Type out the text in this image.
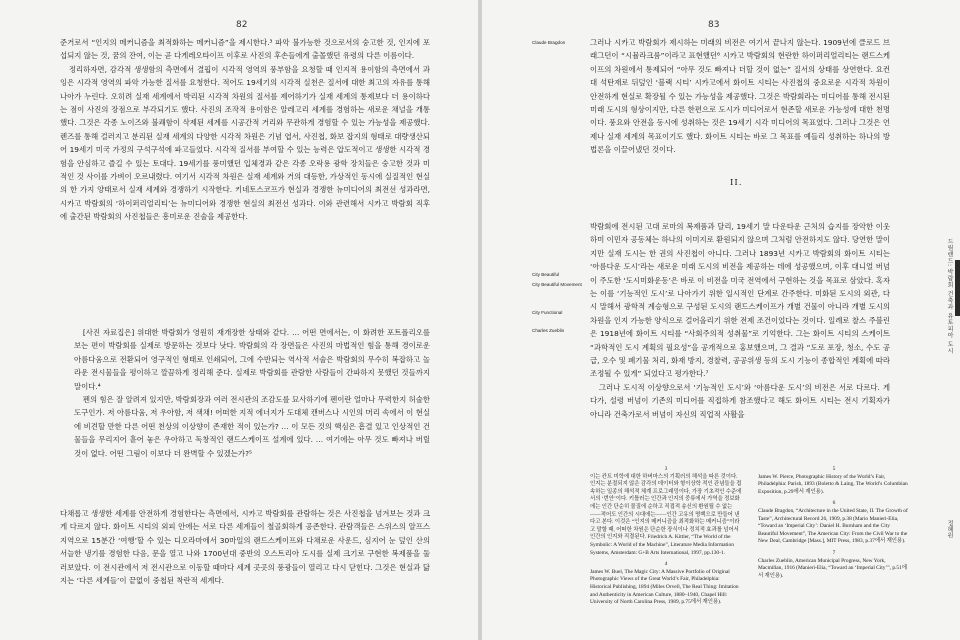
82

준거로서 “인지의 메커니즘을 최적화하는 메커니즘”을 제시한다.³ 파악 불가능한 것으로서의 숭고한 것, 인지에 포섭되지 않는 것, 꿈의 잔여, 이는 곧 다게레오타이프 이후로 사진의 후손들에게 출몰했던 유령의 다른 이름이다.

정리하자면, 감각적 생생함의 측면에서 결핍이 시각적 영역의 풍부함을 요청할 때 인지적 용이함의 측면에서 과잉은 시각적 영역의 파악 가능한 질서를 요청한다. 적어도 19세기의 시각적 실천은 질서에 대한 최고의 자유를 통해 나아가 누린다. 오히려 실재 세계에서 박리된 시각적 차원의 질서를 제어하기가 실재 세계의 통제보다 더 용이하다는 점이 사진의 장점으로 부각되기도 했다. 사진의 조작적 용이함은 알레고리 세계를 경험하는 새로운 채널을 개통했다. 그것은 각종 노이즈와 불쾌함이 삭제된 세계를 시공간적 거리와 무관하게 경험할 수 있는 가능성을 제공했다. 렌즈를 통해 걸러지고 분리된 실재 세계의 다양한 시각적 차원은 기념 엽서, 사진첩, 화보 잡지의 형태로 대량생산되어 19세기 미국 가정의 구석구석에 파고들었다. 시각적 질서를 부여할 수 있는 능력은 압도적이고 생생한 시각적 경험을 안심하고 즐길 수 있는 토대다. 19세기를 풍미했던 입체경과 같은 각종 오락용 광학 장치들은 숭고한 것과 미적인 것 사이를 가벼이 오르내렸다. 여기서 시각적 차원은 실재 세계와 거의 대등한, 가상적인 동시에 실질적인 현실의 한 가지 양태로서 실재 세계와 경쟁하기 시작한다. 키네토스코프가 현실과 경쟁한 뉴미디어의 최전선 성과라면, 시카고 박람회의 ‘하이퍼리얼리티’는 뉴미디어와 경쟁한 현실의 최전선 성과다. 이와 관련해서 시카고 박람회 직후에 출간된 박람회의 사진첩들은 흥미로운 진술을 제공한다.

[사진 자료집은] 위대한 박람회가 영원히 재개장한 상태와 같다. … 어떤 면에서는, 이 화려한 포트폴리오를 보는 편이 박람회를 실제로 방문하는 것보다 낫다. 박람회의 각 장면들은 사진의 마법적인 힘을 통해 경이로운 아름다움으로 전환되어 영구적인 형태로 인쇄되어, 그에 수반되는 역사적 서술은 박람회의 무수히 복잡하고 놀라운 전시물들을 평이하고 깔끔하게 정리해 준다. 실제로 박람회를 관람한 사람들이 간파하지 못했던 것들까지 말이다.⁴

펜의 힘은 잘 알려져 있지만, 박람회장과 여러 전시관의 조감도를 묘사하기에 펜이란 얼마나 무력한지 허술한 도구인가. 저 아름다움, 저 우아함, 저 색채! 어떠한 지적 에너지가 도대체 캔버스나 시인의 머리 속에서 이 현실에 비견할 만한 다른 어떤 천상의 이상향이 존재한 적이 있는가? … 이 모든 것의 핵심은 흠결 있고 인상적인 건물들을 무리지어 흩어 놓은 우아하고 독창적인 랜드스케이프 설계에 있다. … 여기에는 아무 것도 빠져나 버릴 것이 없다. 어떤 그림이 이보다 더 완벽할 수 있겠는가?⁵

다채롭고 생생한 세계를 안전하게 경험한다는 측면에서, 시카고 박람회를 관람하는 것은 사진첩을 넘겨보는 것과 크게 다르지 않다. 화이트 시티의 외피 안에는 서로 다른 세계들이 철골회하게 공존한다. 관람객들은 스위스의 알프스 지역으로 15분간 ‘여행’할 수 있는 디오라마에서 30마일의 랜드스케이프와 다채로운 사운드, 심지어 눈 덮인 산의 서늘한 냉기를 경험한 다음, 문을 열고 나와 1700년대 중반의 오스트리아 도시를 실제 크기로 구현한 복제품을 둘러보았다. 이 전시관에서 저 전시관으로 이동할 때마다 세계 곳곳의 풍광들이 열리고 다시 닫힌다. 그것은 현실과 닮지는 ‘다른 세계들’이 끝없이 중첩된 착란적 세계다.

83
Claude Bragdon
City Beautiful
City Beautiful Movement
City Functional
Charles Zueblin

그러나 시카고 박람회가 제시하는 미래의 비전은 여기서 끝나지 않는다. 1909년에 클로드 브래그던이 “시뮬라크룸”이라고 표현했던⁶ 시카고 박람회의 현란한 하이퍼리얼리티는 랜드스케이프의 차원에서 통제되어 “아무 것도 빠져나 더할 것이 없는” 질서의 상태를 상연한다. 요컨대 석탄재로 뒤덮인 ‘블랙 시티’ 시카고에서 화이트 시티는 사진첩의 중요로운 시각적 차원이 안전하게 현실로 확장될 수 있는 가능성을 제공했다. 그것은 박람회라는 미디어를 통해 전시된 미래 도시의 형상이지만, 다른 한편으로 도시가 미디어로서 현존할 새로운 가능성에 대한 천명이다. 풍요와 안전을 동시에 성취하는 것은 19세기 시각 미디어의 목표였다. 그러나 그것은 언제나 실재 세계의 목표이기도 했다. 화이트 시티는 바로 그 목표를 예들리 성취하는 하나의 방법론을 이끌어냈던 것이다.

II.

박람회에 전시된 고대 로마의 복제품과 달리, 19세기 말 다운타운 근처의 습지를 장악한 이웃하미 이민자 공동체는 하나의 이미지로 환원되지 않으며 그처럼 안전하지도 않다. 당연한 말이지만 실재 도시는 한 권의 사진첩이 아니다. 그러나 1893년 시카고 박람회의 화이트 시티는 ‘아름다운 도시’라는 새로운 미래 도시의 비전을 제공하는 데에 성공했으며, 이후 대니얼 버넘이 주도한 ‘도시미화운동’은 바로 이 비전을 미국 전역에서 구현하는 것을 목표로 삼았다. 혹자는 이를 ‘기능적인 도시’로 나아가기 위한 일시적인 단계로 간주한다. 미화된 도시의 외관, 다시 말해서 광학적 계승형으로 구성된 도시의 랜드스케이프가 개별 건물이 아니라 개별 도시의 차원을 인지 가능한 양식으로 걸어올리기 위한 전제 조건이었다는 것이다. 일례로 찰스 주블린은 1918년에 화이트 시티를 “사회주의적 성취물”로 기억한다. 그는 화이트 시티의 스케이트 “과학적인 도시 계획의 필요성”을 공개적으로 홍보했으며, 그 결과 “도로 포장, 청소, 수도 공급, 오수 및 폐기물 처리, 화재 방지, 경찰력, 공공위생 등의 도시 기능이 종합적인 계획에 따라 조정될 수 있게” 되었다고 평가한다.⁷

그러나 도시적 이상향으로서 ‘기능적인 도시’와 ‘아름다운 도시’의 비전은 서로 다르다. 게다가, 설령 버넘이 기존의 미디어를 직접하게 참조했다고 해도 화이트 시티는 전시 기획자가 아니라 건축가로서 버넘이 자신의 직업적 사활을

3
이는 칸트 미학에 대한 하버마스의 기획러의 해석을 따른 것이다. 인지는 분절되지 않은 감각의 데이터와 형이상학 적인 관념들을 접속하는 일종의 해석적 체계 프로그래밍이다, 가장 기초적인 수준에서의 ‘번안’이다. 키틀러는 인간과 인지의 중류에서 가역을 정보화에는 인간 단순히 물질에 순하고 직접적 송신의 환원될 수 없는——적어도 인간의 시대에는——인간 고유의 명백으로 만들어 낸다고 본다. 이것은 “인지의 메커니즘을 최적화하는 메커니즘”이라고 말할 때, 어떠한 차원은 단순한 장식이나 정치적 효과를 넘어서 인간의 인지와 직결된다. Friedrich A. Kittler, “The World of the Symbolic: A World of the Machine”, Literature Media Information Systems, Amsterdam: G+B Arts International, 1997, pp.130-1.
4
James W. Buel, The Magic City: A Massive Portfolio of Original Photographic Views of the Great World’s Fair, Philadelphia: Historical Publishing, 1894 (Miles Orvell, The Real Thing: Imitation and Authenticity in American Culture, 1880–1940, Chapel Hill: University of North Carolina Press, 1989, p.75에서 재인용).
5
James W. Pierce, Photographic History of the World’s Fair, Philadelphia: Parish, 1893 (Boletto & Laing, The World’s Columbian Exposition, p.29에서 재인용).
6
Claude Bragdon, “Architecture in the United State, II. The Growth of Taste”, Architectural Record 26, 1909, p.38 (Mario Manieri-Elia, “Toward an ‘Imperial City’: Daniel H. Burnham and the City Beautiful Movement”, The American City: From the Civil War to the New Deal, Cambridge [Mass.], MIT Press, 1983, p.37에서 재인용).
7
Charles Zueblin, American Municipal Progress, New York, Macmillan, 1916 (Manieri-Elia, “Toward an ‘Imperial City’”, p.51에서 재인용).
드림랜드: 박람회 건축과 유토피아 도시
정혜원
